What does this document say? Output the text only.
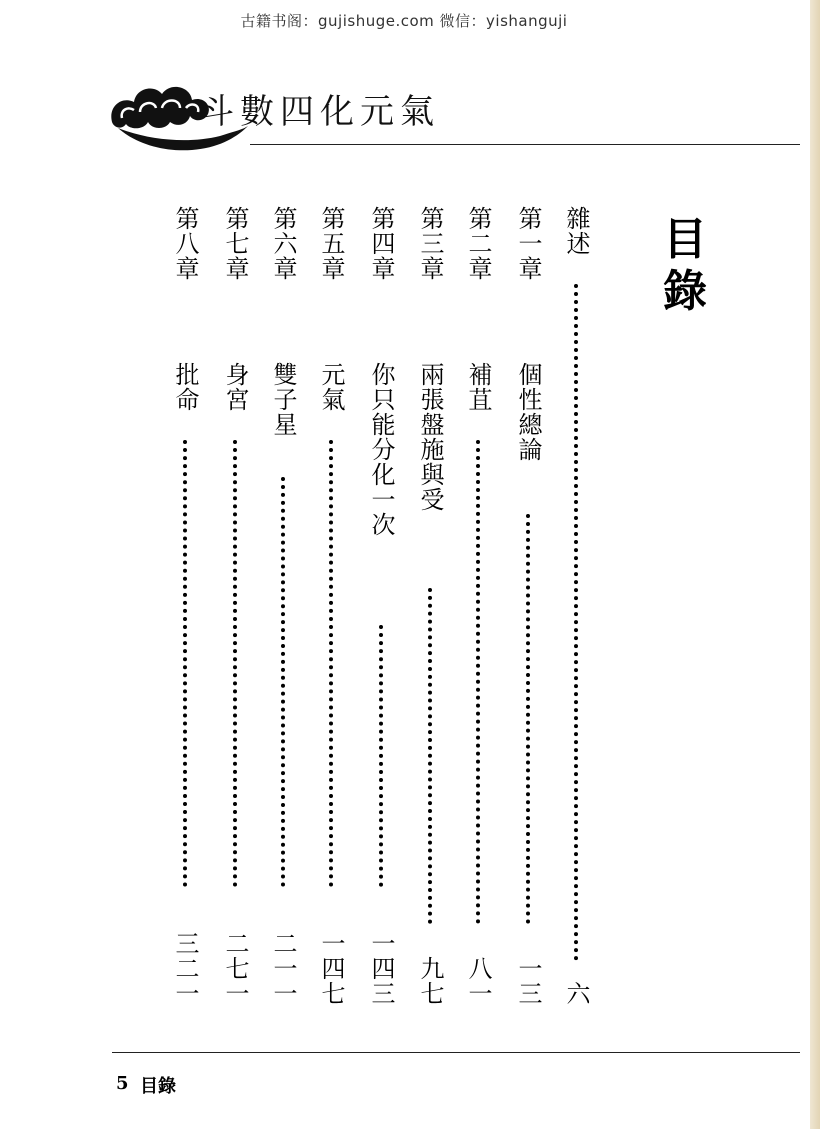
古籍书阁：gujishuge.com 微信：yishanguji
斗數四化元氣
目錄
雜述
六
第一章
個性總論
一三
第二章
補苴
八一
第三章
兩張盤施與受
九七
第四章
你只能分化一次
一四三
第五章
元氣
一四七
第六章
雙子星
二一一
第七章
身宮
二七一
第八章
批命
三二一
5 目錄
